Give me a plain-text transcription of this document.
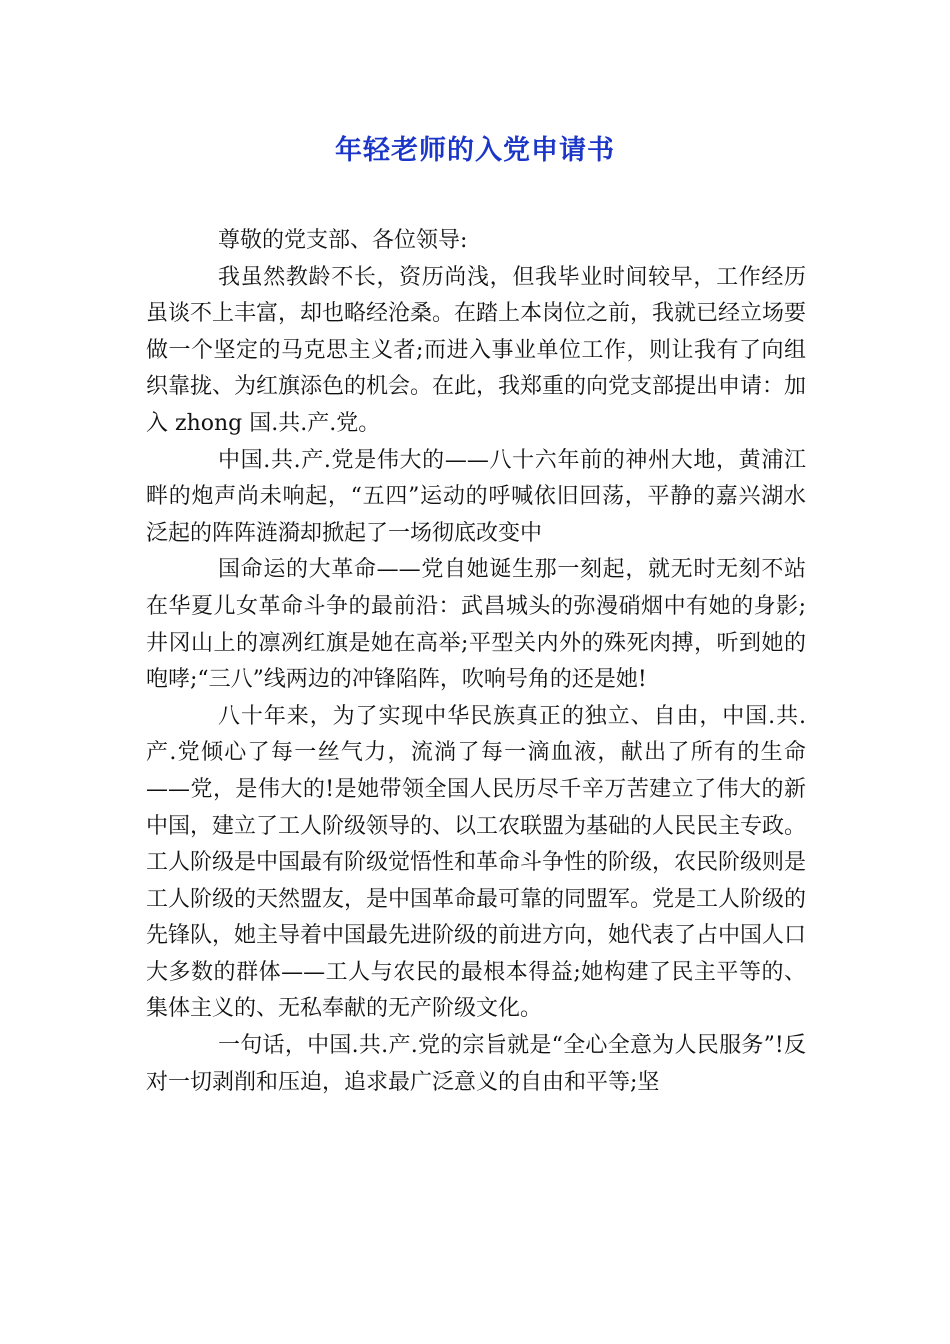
年轻老师的入党申请书

尊敬的党支部、各位领导:

我虽然教龄不长，资历尚浅，但我毕业时间较早，工作经历虽谈不上丰富，却也略经沧桑。在踏上本岗位之前，我就已经立场要做一个坚定的马克思主义者;而进入事业单位工作，则让我有了向组织靠拢、为红旗添色的机会。在此，我郑重的向党支部提出申请：加入 zhong 国.共.产.党。

中国.共.产.党是伟大的——八十六年前的神州大地，黄浦江畔的炮声尚未响起，“五四”运动的呼喊依旧回荡，平静的嘉兴湖水泛起的阵阵涟漪却掀起了一场彻底改变中

国命运的大革命——党自她诞生那一刻起，就无时无刻不站在华夏儿女革命斗争的最前沿：武昌城头的弥漫硝烟中有她的身影;井冈山上的凛冽红旗是她在高举;平型关内外的殊死肉搏，听到她的咆哮;“三八”线两边的冲锋陷阵，吹响号角的还是她!

八十年来，为了实现中华民族真正的独立、自由，中国.共.产.党倾心了每一丝气力，流淌了每一滴血液，献出了所有的生命——党，是伟大的!是她带领全国人民历尽千辛万苦建立了伟大的新中国，建立了工人阶级领导的、以工农联盟为基础的人民民主专政。工人阶级是中国最有阶级觉悟性和革命斗争性的阶级，农民阶级则是工人阶级的天然盟友，是中国革命最可靠的同盟军。党是工人阶级的先锋队，她主导着中国最先进阶级的前进方向，她代表了占中国人口大多数的群体——工人与农民的最根本得益;她构建了民主平等的、集体主义的、无私奉献的无产阶级文化。

一句话，中国.共.产.党的宗旨就是“全心全意为人民服务”!反对一切剥削和压迫，追求最广泛意义的自由和平等;坚
